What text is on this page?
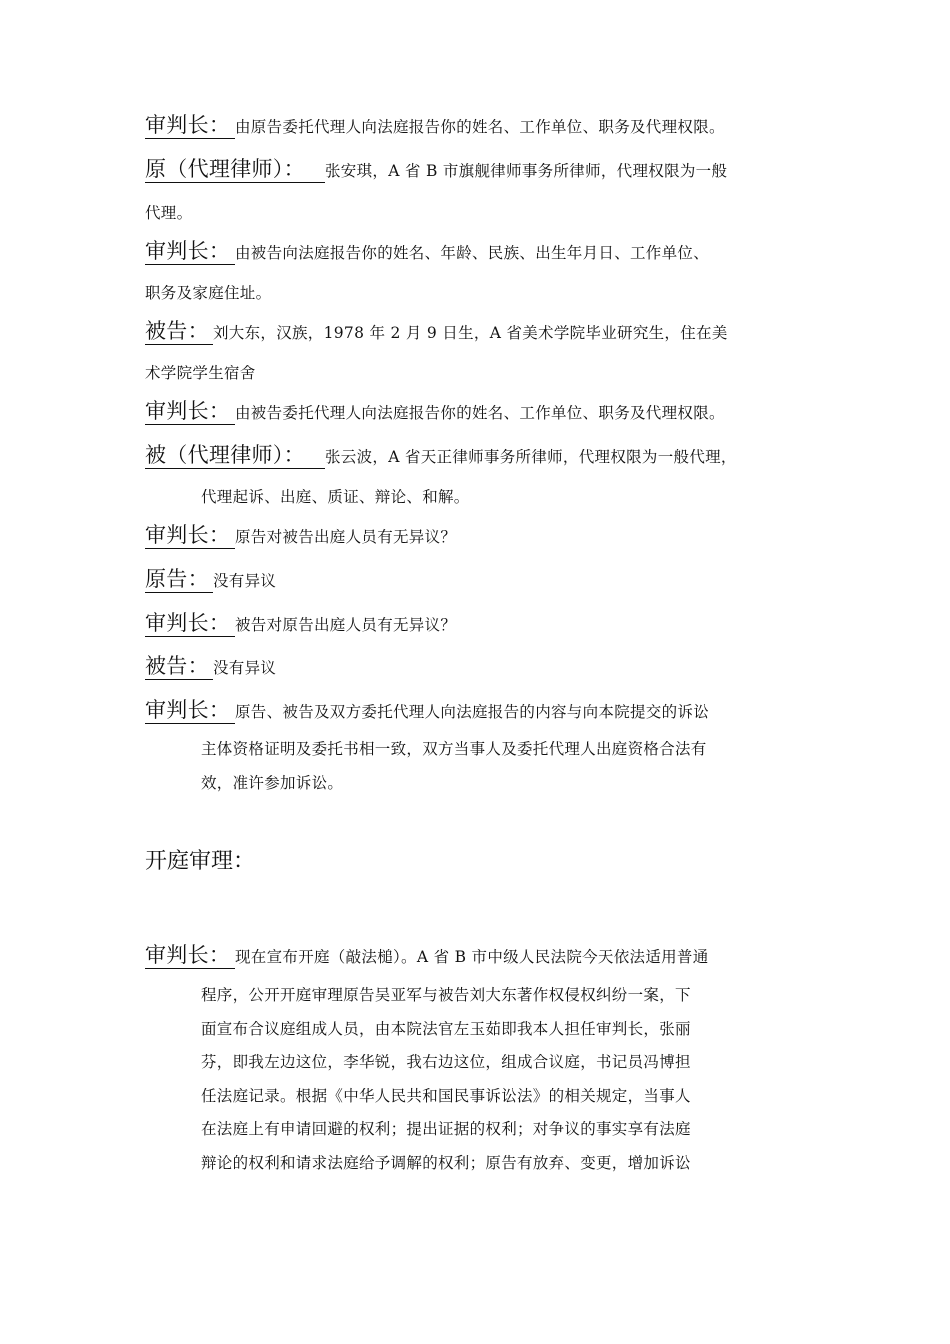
审判长： 由原告委托代理人向法庭报告你的姓名、工作单位、职务及代理权限。
原（代理律师）： 张安琪，A 省 B 市旗舰律师事务所律师，代理权限为一般
代理。
审判长： 由被告向法庭报告你的姓名、年龄、民族、出生年月日、工作单位、
职务及家庭住址。
被告： 刘大东，汉族，1978 年 2 月 9 日生，A 省美术学院毕业研究生，住在美
术学院学生宿舍
审判长： 由被告委托代理人向法庭报告你的姓名、工作单位、职务及代理权限。
被（代理律师）： 张云波，A 省天正律师事务所律师，代理权限为一般代理，
代理起诉、出庭、质证、辩论、和解。
审判长： 原告对被告出庭人员有无异议？
原告： 没有异议
审判长： 被告对原告出庭人员有无异议？
被告： 没有异议
审判长： 原告、被告及双方委托代理人向法庭报告的内容与向本院提交的诉讼
主体资格证明及委托书相一致，双方当事人及委托代理人出庭资格合法有
效，准许参加诉讼。
开庭审理：
审判长： 现在宣布开庭（敲法槌）。A 省 B 市中级人民法院今天依法适用普通
程序，公开开庭审理原告吴亚军与被告刘大东著作权侵权纠纷一案，下
面宣布合议庭组成人员，由本院法官左玉茹即我本人担任审判长，张丽
芬，即我左边这位，李华锐，我右边这位，组成合议庭，书记员冯博担
任法庭记录。根据《中华人民共和国民事诉讼法》的相关规定，当事人
在法庭上有申请回避的权利；提出证据的权利；对争议的事实享有法庭
辩论的权利和请求法庭给予调解的权利；原告有放弃、变更，增加诉讼
